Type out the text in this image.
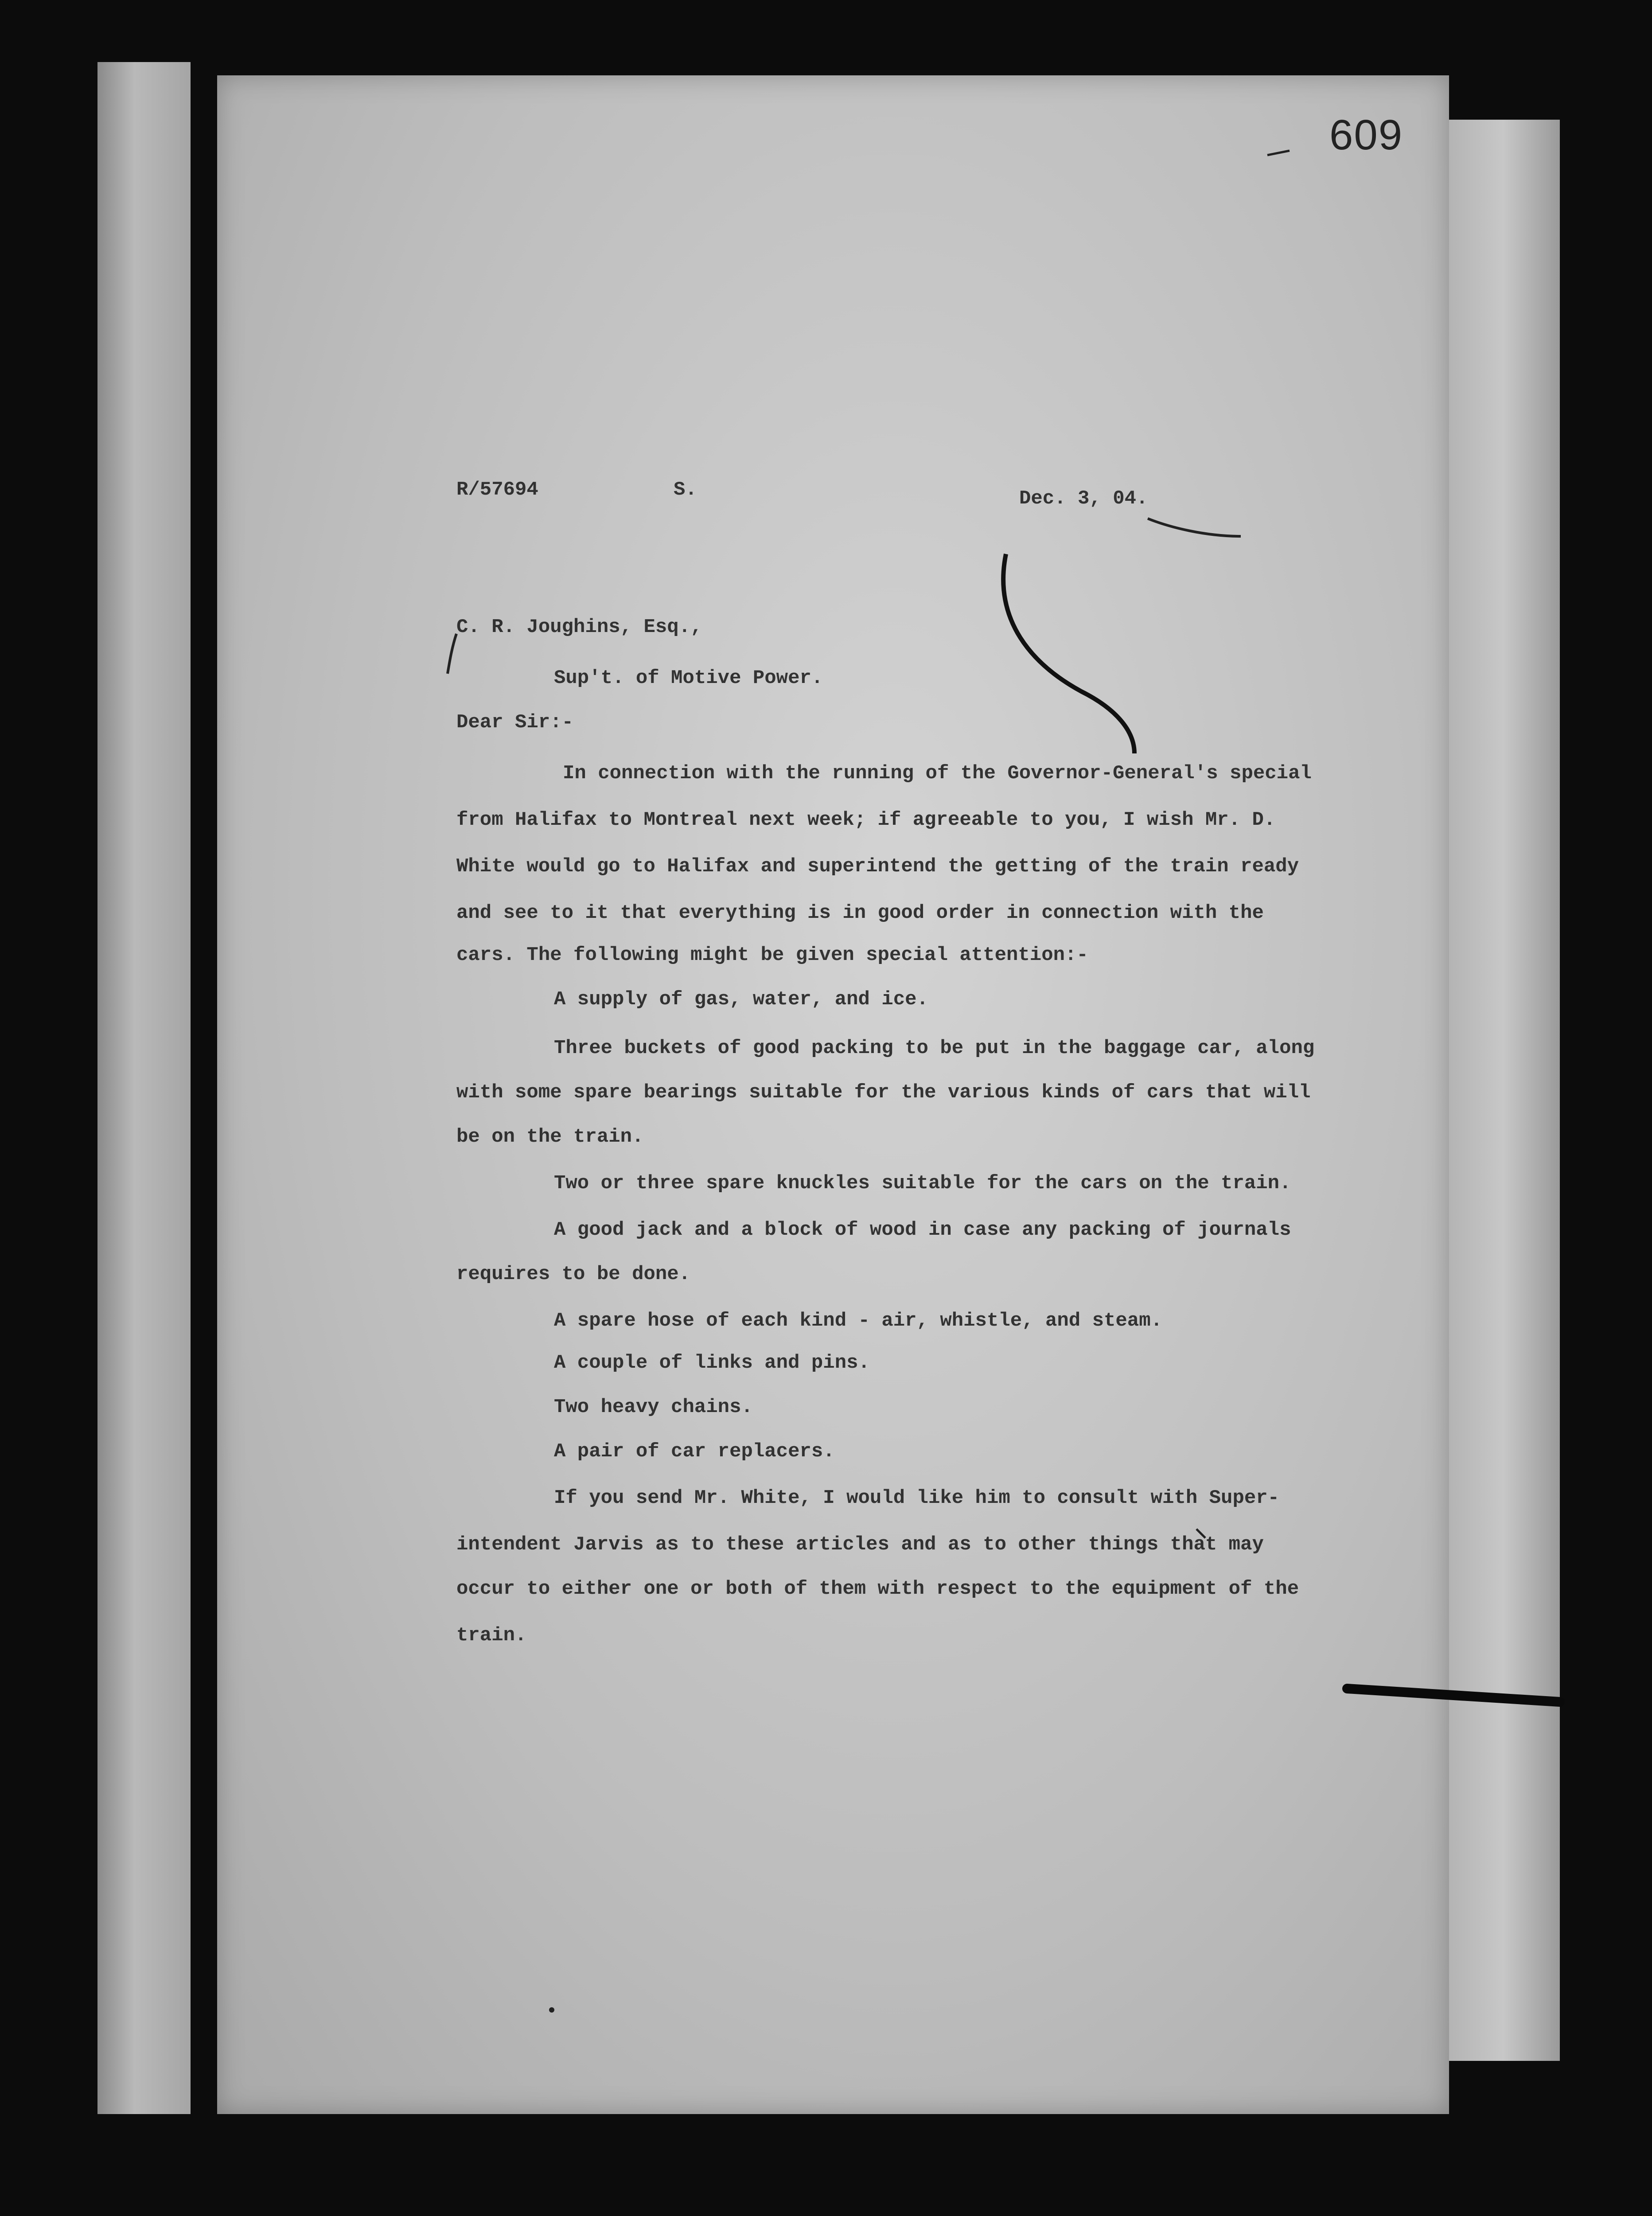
609
R/57694	S.	Dec. 3, 04.
C. R. Joughins, Esq.,
Sup't. of Motive Power.
Dear Sir:-
In connection with the running of the Governor-General's special
from Halifax to Montreal next week; if agreeable to you, I wish Mr. D.
White would go to Halifax and superintend the getting of the train ready
and see to it that everything is in good order in connection with the
cars. The following might be given special attention:-
A supply of gas, water, and ice.
Three buckets of good packing to be put in the baggage car, along
with some spare bearings suitable for the various kinds of cars that will
be on the train.
Two or three spare knuckles suitable for the cars on the train.
A good jack and a block of wood in case any packing of journals
requires to be done.
A spare hose of each kind - air, whistle, and steam.
A couple of links and pins.
Two heavy chains.
A pair of car replacers.
If you send Mr. White, I would like him to consult with Super-
intendent Jarvis as to these articles and as to other things that may
occur to either one or both of them with respect to the equipment of the
train.
